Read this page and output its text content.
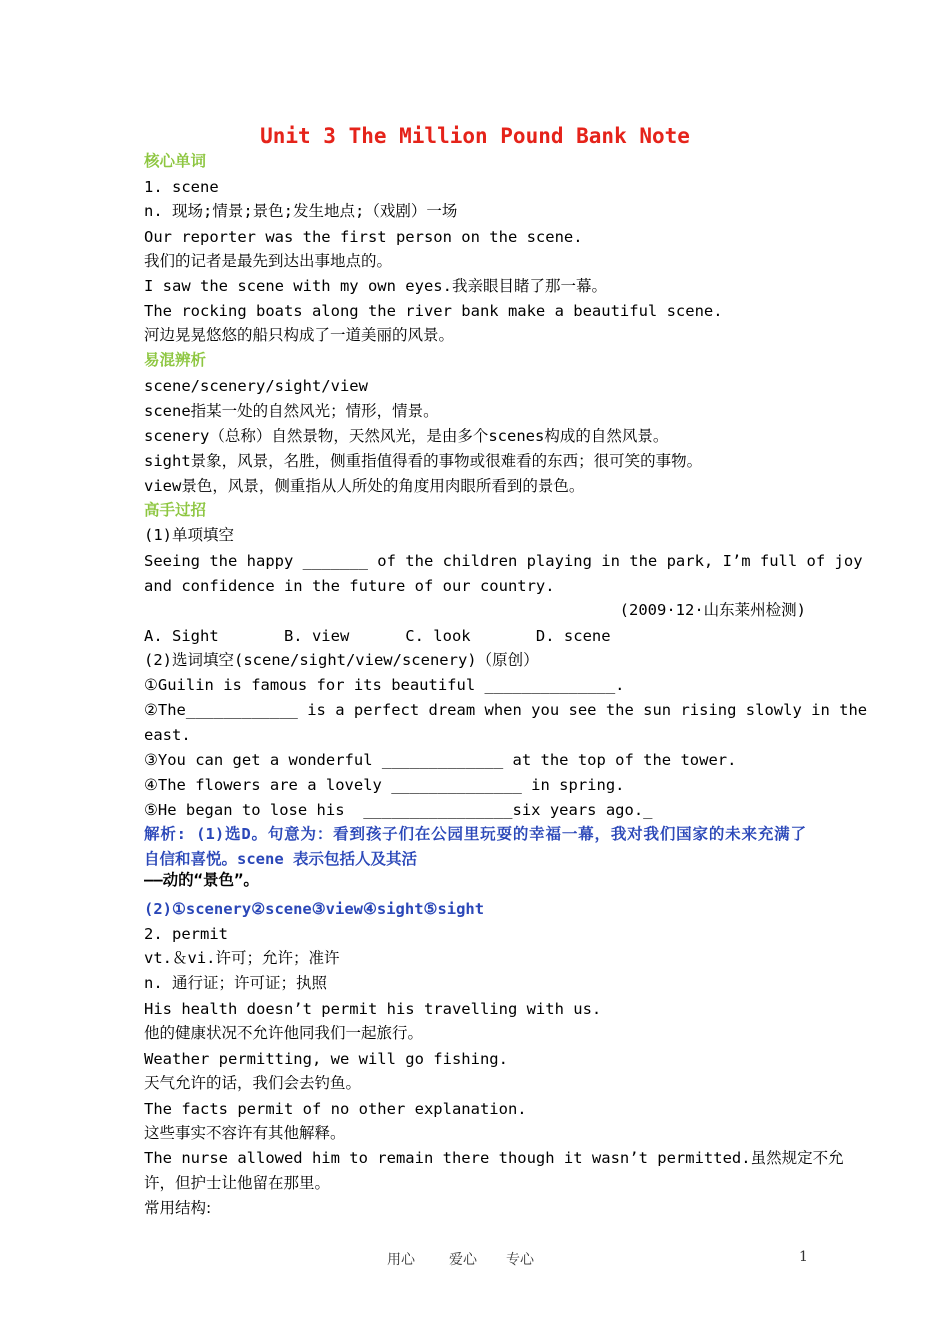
Unit 3 The Million Pound Bank Note
核心单词
1. scene
n. 现场;情景;景色;发生地点;（戏剧）一场
Our reporter was the first person on the scene.
我们的记者是最先到达出事地点的。
I saw the scene with my own eyes.我亲眼目睹了那一幕。
The rocking boats along the river bank make a beautiful scene.
河边晃晃悠悠的船只构成了一道美丽的风景。
易混辨析
scene/scenery/sight/view
scene指某一处的自然风光；情形，情景。
scenery（总称）自然景物，天然风光，是由多个scenes构成的自然风景。
sight景象，风景，名胜，侧重指值得看的事物或很难看的东西；很可笑的事物。
view景色，风景，侧重指从人所处的角度用肉眼所看到的景色。
高手过招
(1)单项填空
Seeing the happy _______ of the children playing in the park, I’m full of joy
and confidence in the future of our country.
(2009·12·山东莱州检测)
A. Sight       B. view      C. look       D. scene
(2)选词填空(scene/sight/view/scenery)（原创）
①Guilin is famous for its beautiful ______________.
②The____________ is a perfect dream when you see the sun rising slowly in the
east.
③You can get a wonderful _____________ at the top of the tower.
④The flowers are a lovely ______________ in spring.
⑤He began to lose his  ________________six years ago._
解析: (1)选D。句意为：看到孩子们在公园里玩耍的幸福一幕，我对我们国家的未来充满了
自信和喜悦。scene 表示包括人及其活
——动的“景色”。
(2)①scenery②scene③view④sight⑤sight
2. permit
vt.＆vi.许可；允许；准许
n. 通行证；许可证；执照
His health doesn’t permit his travelling with us.
他的健康状况不允许他同我们一起旅行。
Weather permitting, we will go fishing.
天气允许的话，我们会去钓鱼。
The facts permit of no other explanation.
这些事实不容许有其他解释。
The nurse allowed him to remain there though it wasn’t permitted.虽然规定不允
许，但护士让他留在那里。
常用结构:
用心 爱心 专心	1
